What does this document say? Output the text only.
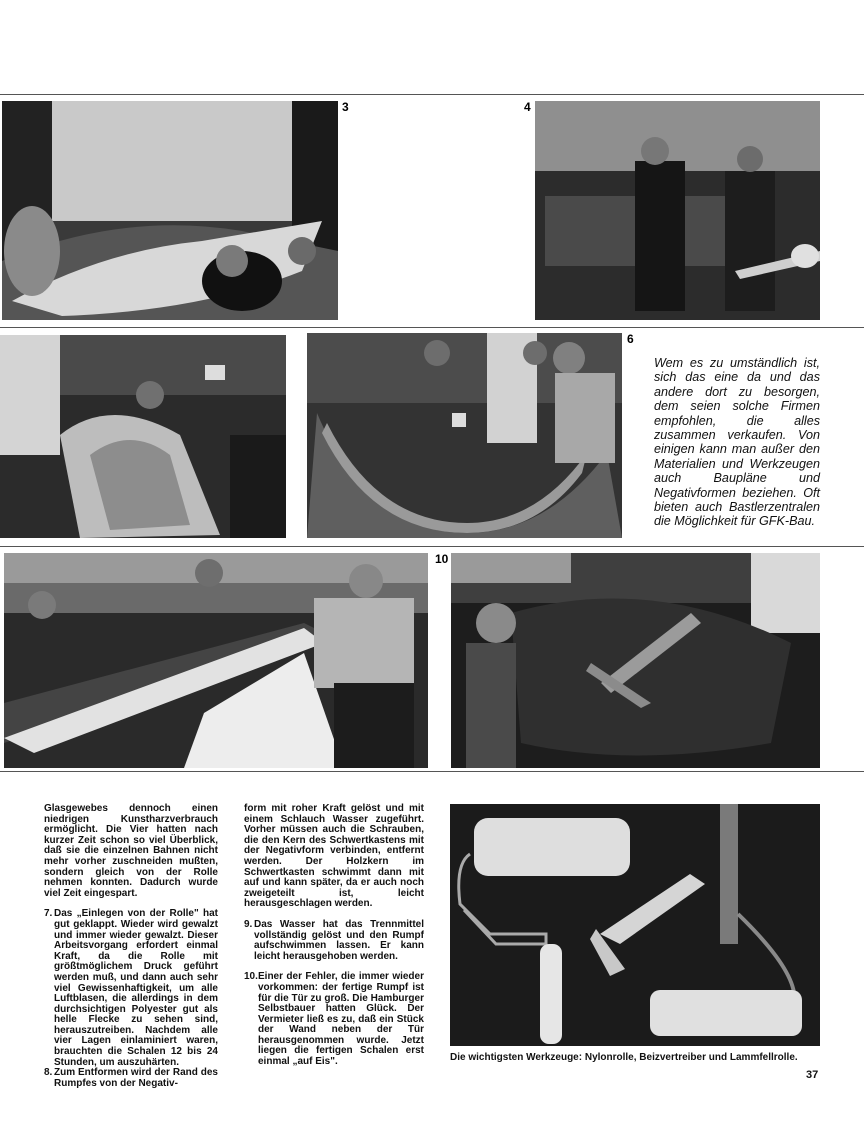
3	4
6
Wem es zu umständlich ist, sich das eine da und das andere dort zu besorgen, dem seien solche Firmen empfohlen, die alles zusammen verkaufen. Von einigen kann man außer den Materialien und Werkzeugen auch Baupläne und Negativformen beziehen. Oft bieten auch Bastlerzentralen die Möglichkeit für GFK-Bau.
10

Glasgewebes dennoch einen niedrigen Kunstharzverbrauch ermöglicht. Die Vier hatten nach kurzer Zeit schon so viel Überblick, daß sie die einzelnen Bahnen nicht mehr vorher zuschneiden mußten, sondern gleich von der Rolle nehmen konnten. Dadurch wurde viel Zeit eingespart.

7. Das „Einlegen von der Rolle" hat gut geklappt. Wieder wird gewalzt und immer wieder gewalzt. Dieser Arbeitsvorgang erfordert einmal Kraft, da die Rolle mit größtmöglichem Druck geführt werden muß, und dann auch sehr viel Gewissenhaftigkeit, um alle Luftblasen, die allerdings in dem durchsichtigen Polyester gut als helle Flecke zu sehen sind, herauszutreiben. Nachdem alle vier Lagen einlaminiert waren, brauchten die Schalen 12 bis 24 Stunden, um auszuhärten.
8. Zum Entformen wird der Rand des Rumpfes von der Negativ-

form mit roher Kraft gelöst und mit einem Schlauch Wasser zugeführt. Vorher müssen auch die Schrauben, die den Kern des Schwertkastens mit der Negativform verbinden, entfernt werden. Der Holzkern im Schwertkasten schwimmt dann mit auf und kann später, da er auch noch zweigeteilt ist, leicht herausgeschlagen werden.

9. Das Wasser hat das Trennmittel vollständig gelöst und den Rumpf aufschwimmen lassen. Er kann leicht herausgehoben werden.
10. Einer der Fehler, die immer wieder vorkommen: der fertige Rumpf ist für die Tür zu groß. Die Hamburger Selbstbauer hatten Glück. Der Vermieter ließ es zu, daß ein Stück der Wand neben der Tür herausgenommen wurde. Jetzt liegen die fertigen Schalen erst einmal „auf Eis".	Die wichtigsten Werkzeuge: Nylonrolle, Beizvertreiber und Lammfellrolle.
37
